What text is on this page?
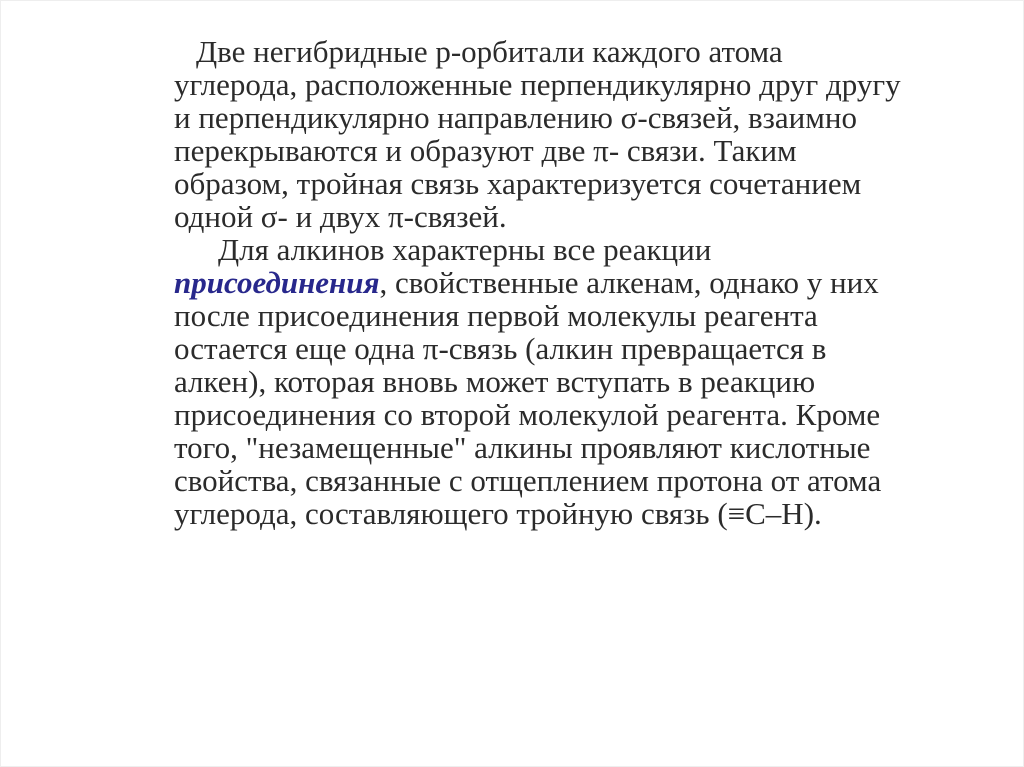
Две негибридные р-орбитали каждого атома
углерода, расположенные перпендикулярно друг другу
и перпендикулярно направлению σ-связей, взаимно
перекрываются и образуют две π- связи. Таким
образом, тройная связь характеризуется сочетанием
одной σ- и двух π-связей.
Для алкинов характерны все реакции
присоединения, свойственные алкенам, однако у них
после присоединения первой молекулы реагента
остается еще одна π-связь (алкин превращается в
алкен), которая вновь может вступать в реакцию
присоединения со второй молекулой реагента. Кроме
того, "незамещенные" алкины проявляют кислотные
свойства, связанные с отщеплением протона от атома
углерода, составляющего тройную связь (≡С–Н).
